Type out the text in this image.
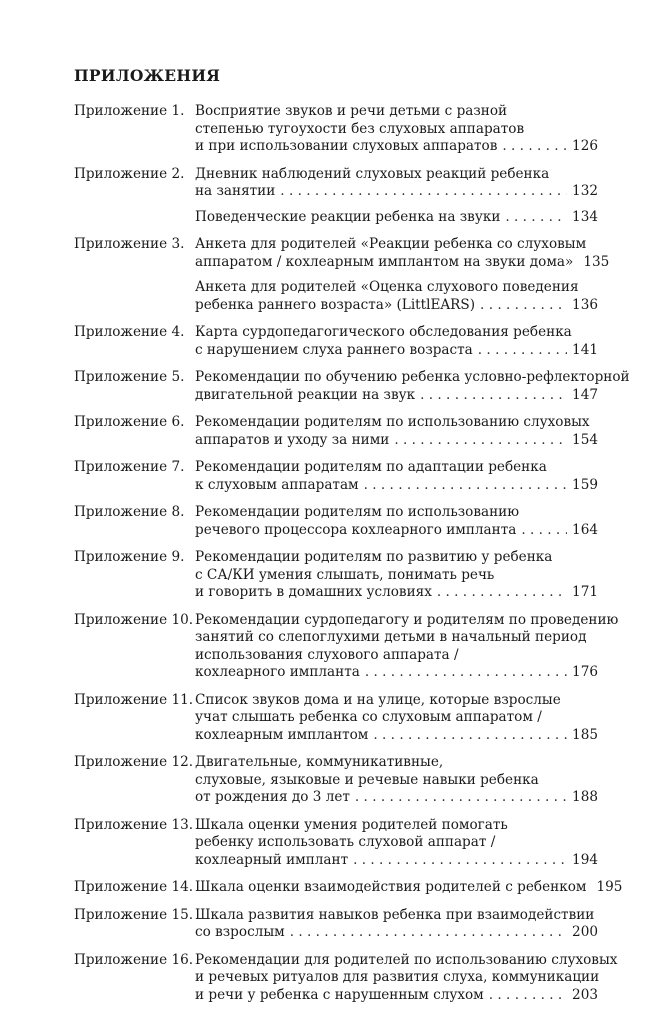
ПРИЛОЖЕНИЯ
Приложение 1. Восприятие звуков и речи детьми с разной
степенью тугоухости без слуховых аппаратов
и при использовании слуховых аппаратов . . .	126
Приложение 2. Дневник наблюдений слуховых реакций ребенка
на занятии . . .	132
Поведенческие реакции ребенка на звуки . . .	134
Приложение 3. Анкета для родителей «Реакции ребенка со слуховым
аппаратом / кохлеарным имплантом на звуки дома» 135
Анкета для родителей «Оценка слухового поведения
ребенка раннего возраста» (LittlEARS) . . .	136
Приложение 4. Карта сурдопедагогического обследования ребенка
с нарушением слуха раннего возраста . . .	141
Приложение 5. Рекомендации по обучению ребенка условно-рефлекторной
двигательной реакции на звук . . .	147
Приложение 6. Рекомендации родителям по использованию слуховых
аппаратов и уходу за ними . . .	154
Приложение 7. Рекомендации родителям по адаптации ребенка
к слуховым аппаратам . . .	159
Приложение 8. Рекомендации родителям по использованию
речевого процессора кохлеарного импланта . . .	164
Приложение 9. Рекомендации родителям по развитию у ребенка
с СА/КИ умения слышать, понимать речь
и говорить в домашних условиях . . .	171
Приложение 10. Рекомендации сурдопедагогу и родителям по проведению
занятий со слепоглухими детьми в начальный период
использования слухового аппарата /
кохлеарного импланта . . .	176
Приложение 11. Список звуков дома и на улице, которые взрослые
учат слышать ребенка со слуховым аппаратом /
кохлеарным имплантом . . .	185
Приложение 12. Двигательные, коммуникативные,
слуховые, языковые и речевые навыки ребенка
от рождения до 3 лет . . .	188
Приложение 13. Шкала оценки умения родителей помогать
ребенку использовать слуховой аппарат /
кохлеарный имплант . . .	194
Приложение 14. Шкала оценки взаимодействия родителей с ребенком 195
Приложение 15. Шкала развития навыков ребенка при взаимодействии
со взрослым . . .	200
Приложение 16. Рекомендации для родителей по использованию слуховых
и речевых ритуалов для развития слуха, коммуникации
и речи у ребенка с нарушенным слухом . . .	203
